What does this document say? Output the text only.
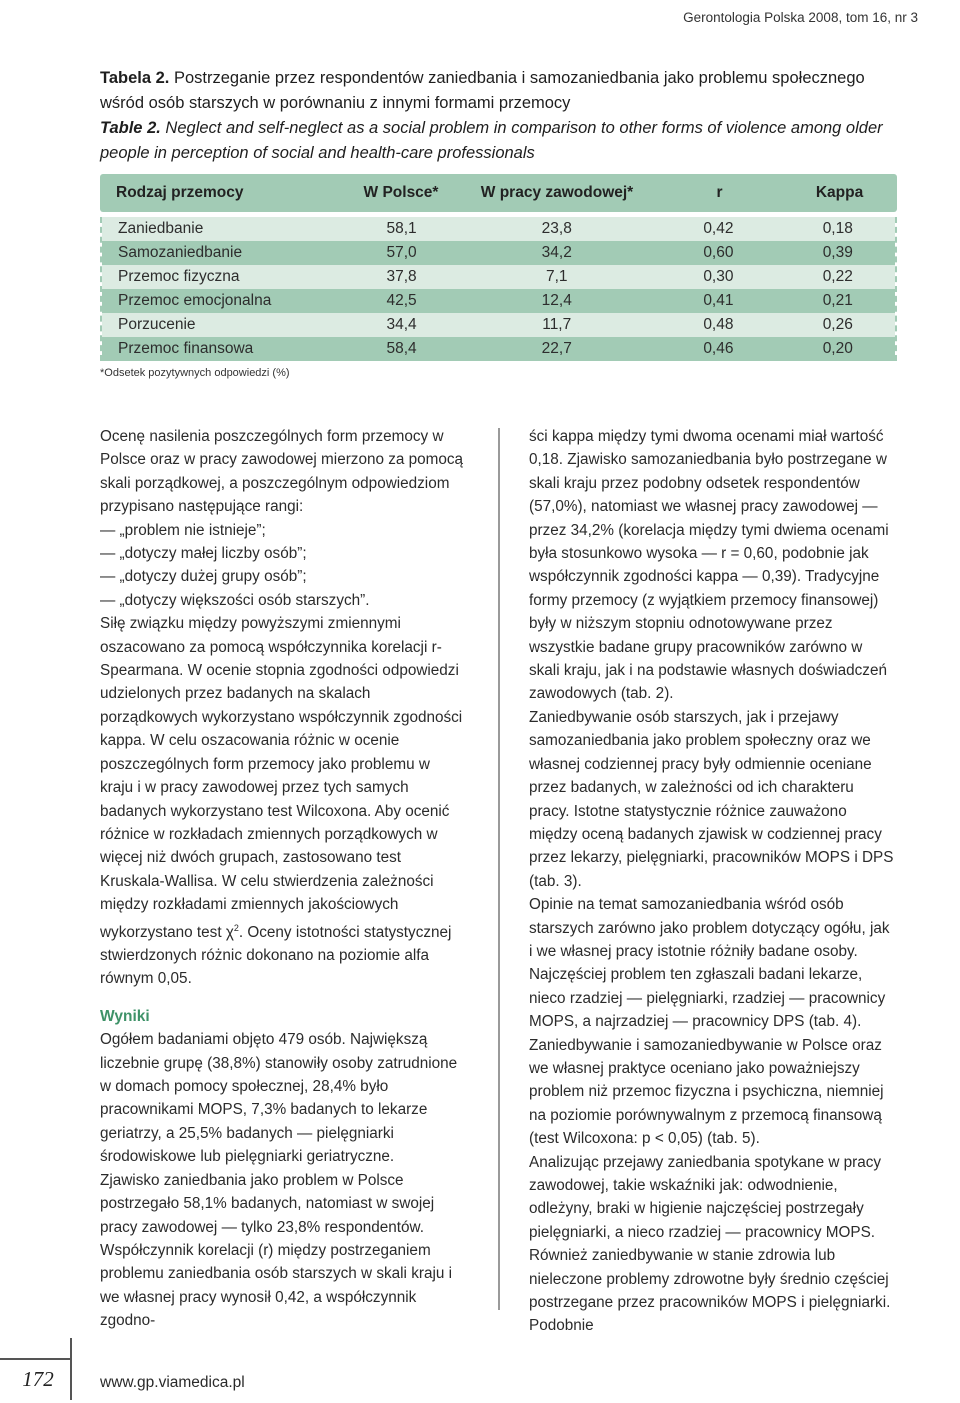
Gerontologia Polska 2008, tom 16, nr 3
Tabela 2. Postrzeganie przez respondentów zaniedbania i samozaniedbania jako problemu społecznego wśród osób starszych w porównaniu z innymi formami przemocy
Table 2. Neglect and self-neglect as a social problem in comparison to other forms of violence among older people in perception of social and health-care professionals
Rodzaj przemocy	W Polsce*	W pracy zawodowej*	r	Kappa
Zaniedbanie	58,1	23,8	0,42	0,18
Samozaniedbanie	57,0	34,2	0,60	0,39
Przemoc fizyczna	37,8	7,1	0,30	0,22
Przemoc emocjonalna	42,5	12,4	0,41	0,21
Porzucenie	34,4	11,7	0,48	0,26
Przemoc finansowa	58,4	22,7	0,46	0,20
*Odsetek pozytywnych odpowiedzi (%)

Ocenę nasilenia poszczególnych form przemocy w Polsce oraz w pracy zawodowej mierzono za pomocą skali porządkowej, a poszczególnym odpowiedziom przypisano następujące rangi:

— „problem nie istnieje”;

— „dotyczy małej liczby osób”;

— „dotyczy dużej grupy osób”;

— „dotyczy większości osób starszych”.

Siłę związku między powyższymi zmiennymi oszacowano za pomocą współczynnika korelacji r-Spearmana. W ocenie stopnia zgodności odpowiedzi udzielonych przez badanych na skalach porządkowych wykorzystano współczynnik zgodności kappa. W celu oszacowania różnic w ocenie poszczególnych form przemocy jako problemu w kraju i w pracy zawodowej przez tych samych badanych wykorzystano test Wilcoxona. Aby ocenić różnice w rozkładach zmiennych porządkowych w więcej niż dwóch grupach, zastosowano test Kruskala-Wallisa. W celu stwierdzenia zależności między rozkładami zmiennych jakościowych wykorzystano test $\chi^2$. Oceny istotności statystycznej stwierdzonych różnic dokonano na poziomie alfa równym 0,05.

Wyniki

Ogółem badaniami objęto 479 osób. Największą liczebnie grupę (38,8%) stanowiły osoby zatrudnione w domach pomocy społecznej, 28,4% było pracownikami MOPS, 7,3% badanych to lekarze geriatrzy, a 25,5% badanych — pielęgniarki środowiskowe lub pielęgniarki geriatryczne.

Zjawisko zaniedbania jako problem w Polsce postrzegało 58,1% badanych, natomiast w swojej pracy zawodowej — tylko 23,8% respondentów. Współczynnik korelacji (r) między postrzeganiem problemu zaniedbania osób starszych w skali kraju i we własnej pracy wynosił 0,42, a współczynnik zgodno-

ści kappa między tymi dwoma ocenami miał wartość 0,18. Zjawisko samozaniedbania było postrzegane w skali kraju przez podobny odsetek respondentów (57,0%), natomiast we własnej pracy zawodowej — przez 34,2% (korelacja między tymi dwiema ocenami była stosunkowo wysoka — r = 0,60, podobnie jak współczynnik zgodności kappa — 0,39). Tradycyjne formy przemocy (z wyjątkiem przemocy finansowej) były w niższym stopniu odnotowywane przez wszystkie badane grupy pracowników zarówno w skali kraju, jak i na podstawie własnych doświadczeń zawodowych (tab. 2).

Zaniedbywanie osób starszych, jak i przejawy samozaniedbania jako problem społeczny oraz we własnej codziennej pracy były odmiennie oceniane przez badanych, w zależności od ich charakteru pracy. Istotne statystycznie różnice zauważono między oceną badanych zjawisk w codziennej pracy przez lekarzy, pielęgniarki, pracowników MOPS i DPS (tab. 3).

Opinie na temat samozaniedbania wśród osób starszych zarówno jako problem dotyczący ogółu, jak i we własnej pracy istotnie różniły badane osoby. Najczęściej problem ten zgłaszali badani lekarze, nieco rzadziej — pielęgniarki, rzadziej — pracownicy MOPS, a najrzadziej — pracownicy DPS (tab. 4).

Zaniedbywanie i samozaniedbywanie w Polsce oraz we własnej praktyce oceniano jako poważniejszy problem niż przemoc fizyczna i psychiczna, niemniej na poziomie porównywalnym z przemocą finansową (test Wilcoxona: p < 0,05) (tab. 5).

Analizując przejawy zaniedbania spotykane w pracy zawodowej, takie wskaźniki jak: odwodnienie, odleżyny, braki w higienie najczęściej postrzegały pielęgniarki, a nieco rzadziej — pracownicy MOPS. Również zaniedbywanie w stanie zdrowia lub nieleczone problemy zdrowotne były średnio częściej postrzegane przez pracowników MOPS i pielęgniarki. Podobnie

172	www.gp.viamedica.pl
